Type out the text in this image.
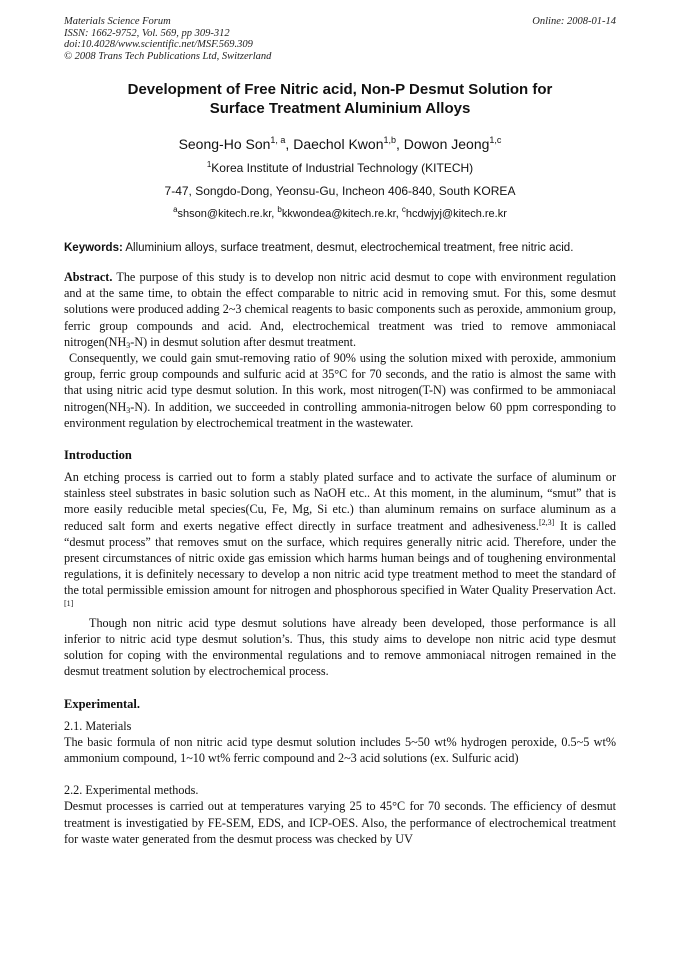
Materials Science Forum
ISSN: 1662-9752, Vol. 569, pp 309-312
doi:10.4028/www.scientific.net/MSF.569.309
© 2008 Trans Tech Publications Ltd, Switzerland
Online: 2008-01-14
Development of Free Nitric acid, Non-P Desmut Solution for
Surface Treatment Aluminium Alloys
Seong-Ho Son$^{1, a}$, Daechol Kwon$^{1,b}$, Dowon Jeong$^{1,c}$
$^1$Korea Institute of Industrial Technology (KITECH)
7-47, Songdo-Dong, Yeonsu-Gu, Incheon 406-840, South KOREA
$^a$shson@kitech.re.kr, $^b$kkwondea@kitech.re.kr, $^c$hcdwjyj@kitech.re.kr
Keywords: Alluminium alloys, surface treatment, desmut, electrochemical treatment, free nitric acid.

Abstract. The purpose of this study is to develop non nitric acid desmut to cope with environment regulation and at the same time, to obtain the effect comparable to nitric acid in removing smut. For this, some desmut solutions were produced adding 2~3 chemical reagents to basic components such as peroxide, ammonium group, ferric group compounds and acid. And, electrochemical treatment was tried to remove ammoniacal $nitrogen(NH_3-N)$ in desmut solution after desmut treatment.

Consequently, we could gain smut-removing ratio of 90% using the solution mixed with peroxide, ammonium group, ferric group compounds and sulfuric acid at 35°C for 70 seconds, and the ratio is almost the same with that using nitric acid type desmut solution. In this work, most nitrogen(T-N) was confirmed to be ammoniacal $nitrogen(NH_3-N)$. In addition, we succeeded in controlling ammonia-nitrogen below 60 ppm corresponding to environment regulation by electrochemical treatment in the wastewater.

Introduction

An etching process is carried out to form a stably plated surface and to activate the surface of aluminum or stainless steel substrates in basic solution such as NaOH etc.. At this moment, in the aluminum, “smut” that is more easily reducible metal species(Cu, Fe, Mg, Si etc.) than aluminum remains on surface aluminum as a reduced salt form and exerts negative effect directly in surface treatment and adhesiveness.[2,3] It is called “desmut process” that removes smut on the surface, which requires generally nitric acid. Therefore, under the present circumstances of nitric oxide gas emission which harms human beings and of toughening environmental regulations, it is definitely necessary to develop a non nitric acid type treatment method to meet the standard of the total permissible emission amount for nitrogen and phosphorous specified in Water Quality Preservation Act.[1]

Though non nitric acid type desmut solutions have already been developed, those performance is all inferior to nitric acid type desmut solution’s. Thus, this study aims to develope non nitric acid type desmut solution for coping with the environmental regulations and to remove ammoniacal nitrogen remained in the desmut treatment solution by electrochemical process.

Experimental.
2.1. Materials

The basic formula of non nitric acid type desmut solution includes 5~50 wt% hydrogen peroxide, 0.5~5 wt% ammonium compound, 1~10 wt% ferric compound and 2~3 acid solutions (ex. Sulfuric acid)

2.2. Experimental methods.

Desmut processes is carried out at temperatures varying 25 to 45°C for 70 seconds. The efficiency of desmut treatment is investigatied by FE-SEM, EDS, and ICP-OES. Also, the performance of electrochemical treatment for waste water generated from the desmut process was checked by UV
